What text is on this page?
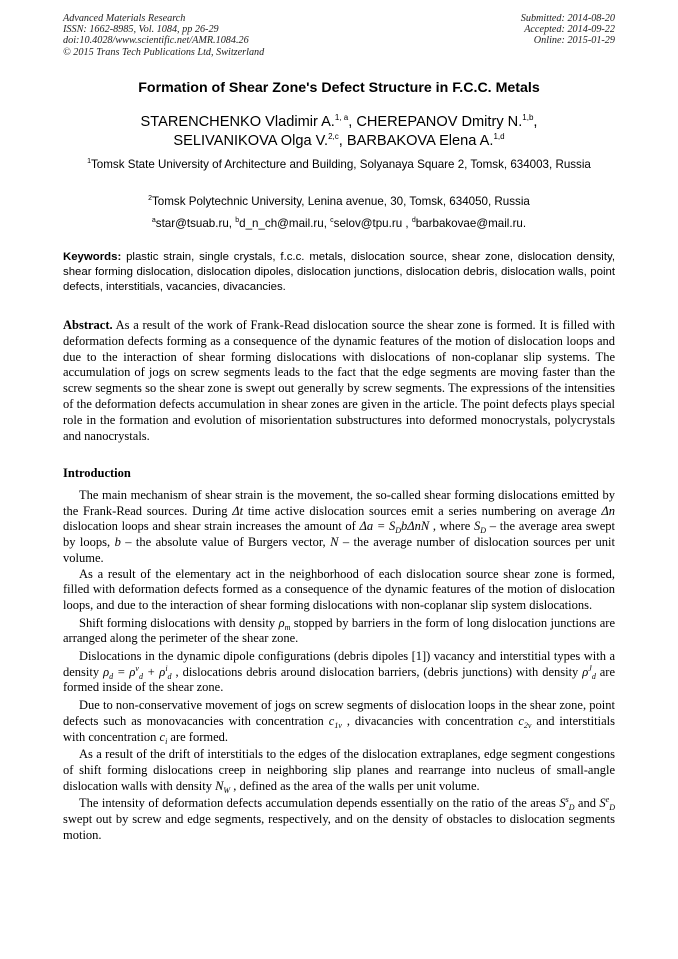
Advanced Materials Research
ISSN: 1662-8985, Vol. 1084, pp 26-29
doi:10.4028/www.scientific.net/AMR.1084.26
© 2015 Trans Tech Publications Ltd, Switzerland
Submitted: 2014-08-20
Accepted: 2014-09-22
Online: 2015-01-29
Formation of Shear Zone's Defect Structure in F.C.C. Metals
STARENCHENKO Vladimir A.$^{1, a}$, CHEREPANOV Dmitry N.$^{1,b}$,
SELIVANIKOVA Olga V.$^{2,c}$, BARBAKOVA Elena A.$^{1,d}$
$^1$Tomsk State University of Architecture and Building, Solyanaya Square 2, Tomsk, 634003, Russia
$^2$Tomsk Polytechnic University, Lenina avenue, 30, Tomsk, 634050, Russia
$^a$star@tsuab.ru, $^b$d_n_ch@mail.ru, $^c$selov@tpu.ru , $^d$barbakovae@mail.ru.
Keywords: plastic strain, single crystals, f.c.c. metals, dislocation source, shear zone, dislocation density, shear forming dislocation, dislocation dipoles, dislocation junctions, dislocation debris, dislocation walls, point defects, interstitials, vacancies, divacancies.
Abstract. As a result of the work of Frank-Read dislocation source the shear zone is formed. It is filled with deformation defects forming as a consequence of the dynamic features of the motion of dislocation loops and due to the interaction of shear forming dislocations with dislocations of non-coplanar slip systems. The accumulation of jogs on screw segments leads to the fact that the edge segments are moving faster than the screw segments so the shear zone is swept out generally by screw segments. The expressions of the intensities of the deformation defects accumulation in shear zones are given in the article. The point defects plays special role in the formation and evolution of misorientation substructures into deformed monocrystals, polycrystals and nanocrystals.
Introduction

The main mechanism of shear strain is the movement, the so-called shear forming dislocations emitted by the Frank-Read sources. During Δt time active dislocation sources emit a series numbering on average Δn dislocation loops and shear strain increases the amount of $\Delta a = S_Db\Delta nN$ , where $S_D$ – the average area swept by loops, b – the absolute value of Burgers vector, N – the average number of dislocation sources per unit volume.

As a result of the elementary act in the neighborhood of each dislocation source shear zone is formed, filled with deformation defects formed as a consequence of the dynamic features of the motion of dislocation loops, and due to the interaction of shear forming dislocations with non-coplanar slip system dislocations.

Shift forming dislocations with density $\rho_m$ stopped by barriers in the form of long dislocation junctions are arranged along the perimeter of the shear zone.

Dislocations in the dynamic dipole configurations (debris dipoles [1]) vacancy and interstitial types with a density $\rho_d = \rho^v_d + \rho^i_d$ , dislocations debris around dislocation barriers, (debris junctions) with density $\rho^J_d$ are formed inside of the shear zone.

Due to non-conservative movement of jogs on screw segments of dislocation loops in the shear zone, point defects such as monovacancies with concentration $c_{1v}$ , divacancies with concentration $c_{2v}$ and interstitials with concentration $c_i$ are formed.

As a result of the drift of interstitials to the edges of the dislocation extraplanes, edge segment congestions of shift forming dislocations creep in neighboring slip planes and rearrange into nucleus of small-angle dislocation walls with density $N_W$ , defined as the area of the walls per unit volume.

The intensity of deformation defects accumulation depends essentially on the ratio of the areas $S^s_D$ and $S^e_D$ swept out by screw and edge segments, respectively, and on the density of obstacles to dislocation segments motion.
